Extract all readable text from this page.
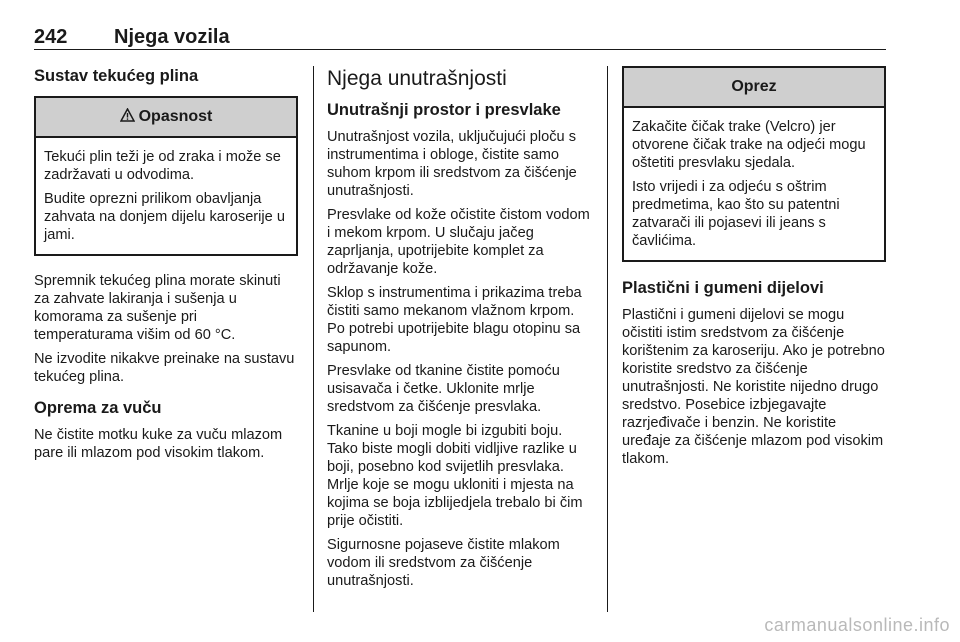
242 Njega vozila
Sustav tekućeg plina
Opasnost

Tekući plin teži je od zraka i može se zadržavati u odvodima.

Budite oprezni prilikom obavljanja zahvata na donjem dijelu karoserije u jami.

Spremnik tekućeg plina morate skinuti za zahvate lakiranja i sušenja u komorama za sušenje pri temperaturama višim od 60 °C.

Ne izvodite nikakve preinake na sustavu tekućeg plina.

Oprema za vuču

Ne čistite motku kuke za vuču mlazom pare ili mlazom pod visokim tlakom.

Njega unutrašnjosti
Unutrašnji prostor i presvlake

Unutrašnjost vozila, uključujući ploču s instrumentima i obloge, čistite samo suhom krpom ili sredstvom za čišćenje unutrašnjosti.

Presvlake od kože očistite čistom vodom i mekom krpom. U slučaju jačeg zaprljanja, upotrijebite komplet za održavanje kože.

Sklop s instrumentima i prikazima treba čistiti samo mekanom vlažnom krpom. Po potrebi upotrijebite blagu otopinu sa sapunom.

Presvlake od tkanine čistite pomoću usisavača i četke. Uklonite mrlje sredstvom za čišćenje presvlaka.

Tkanine u boji mogle bi izgubiti boju. Tako biste mogli dobiti vidljive razlike u boji, posebno kod svijetlih presvlaka. Mrlje koje se mogu ukloniti i mjesta na kojima se boja izblijedjela trebalo bi čim prije očistiti.

Sigurnosne pojaseve čistite mlakom vodom ili sredstvom za čišćenje unutrašnjosti.

Oprez

Zakačite čičak trake (Velcro) jer otvorene čičak trake na odjeći mogu oštetiti presvlaku sjedala.

Isto vrijedi i za odjeću s oštrim predmetima, kao što su patentni zatvarači ili pojasevi ili jeans s čavlićima.

Plastični i gumeni dijelovi

Plastični i gumeni dijelovi se mogu očistiti istim sredstvom za čišćenje korištenim za karoseriju. Ako je potrebno koristite sredstvo za čišćenje unutrašnjosti. Ne koristite nijedno drugo sredstvo. Posebice izbjegavajte razrjeđivače i benzin. Ne koristite uređaje za čišćenje mlazom pod visokim tlakom.

carmanualsonline.info
